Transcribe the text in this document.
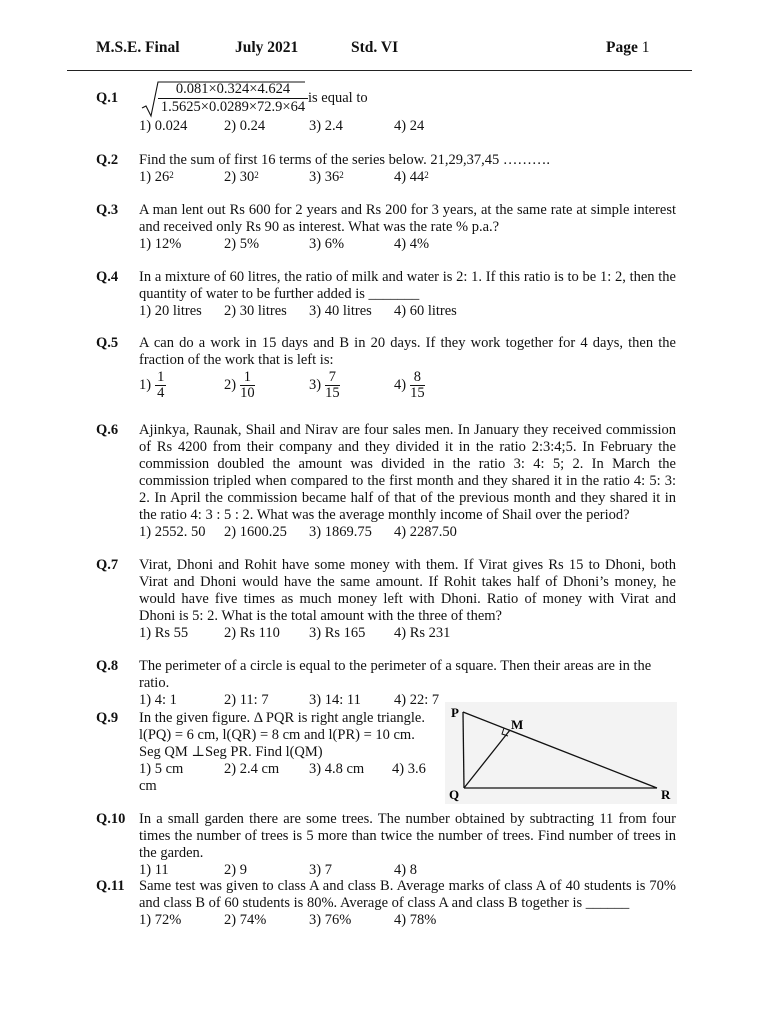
M.S.E. Final	July 2021	Std. VI	Page 1
Q.1	$\frac{0.081\times 0.324\times 4.624}{1.5625\times 0.0289\times 72.9\times 64}$ is equal to
1) 0.024	2) 0.24	3) 2.4	4) 24
Q.2 Find the sum of first 16 terms of the series below. 21,29,37,45 ……….
1) $26^2$	2) $30^2$	3) $36^2$	4) $44^2$
Q.3 A man lent out Rs 600 for 2 years and Rs 200 for 3 years, at the same rate at simple interest and received only Rs 90 as interest. What was the rate % p.a.?
1) 12%	2) 5%	3) 6%	4) 4%
Q.4 In a mixture of 60 litres, the ratio of milk and water is 2: 1. If this ratio is to be 1: 2, then the quantity of water to be further added is _______
1) 20 litres 2) 30 litres 3) 40 litres 4) 60 litres
Q.5 A can do a work in 15 days and B in 20 days. If they work together for 4 days, then the fraction of the work that is left is:
$1) \frac{1}{4}$	$2) \frac{1}{10}$	$3) \frac{7}{15}$	$4) \frac{8}{15}$
Q.6 Ajinkya, Raunak, Shail and Nirav are four sales men. In January they received commission of Rs 4200 from their company and they divided it in the ratio 2:3:4;5. In February the commission doubled the amount was divided in the ratio 3: 4: 5; 2. In March the commission tripled when compared to the first month and they shared it in the ratio 4: 5: 3: 2. In April the commission became half of that of the previous month and they shared it in the ratio 4: 3 : 5 : 2. What was the average monthly income of Shail over the period?
1) 2552. 50 2) 1600.25 3) 1869.75 4) 2287.50
Q.7 Virat, Dhoni and Rohit have some money with them. If Virat gives Rs 15 to Dhoni, both Virat and Dhoni would have the same amount. If Rohit takes half of Dhoni’s money, he would have five times as much money left with Dhoni. Ratio of money with Virat and Dhoni is 5: 2. What is the total amount with the three of them?
1) Rs 55 2) Rs 110 3) Rs 165 4) Rs 231
Q.8 The perimeter of a circle is equal to the perimeter of a square. Then their areas are in the ratio.
1) 4: 1	2) 11: 7	3) 14: 11 4) 22: 7
Q.9 In the given figure. Δ PQR is right angle triangle.
l(PQ) = 6 cm, l(QR) = 8 cm and l(PR) = 10 cm.
Seg QM ⊥Seg PR. Find l(QM)
1) 5 cm	2) 2.4 cm 3) 4.8 cm 4) 3.6
cm
P
M
Q	R
Q.10 In a small garden there are some trees. The number obtained by subtracting 11 from four times the number of trees is 5 more than twice the number of trees. Find number of trees in the garden.
1) 11	2) 9	3) 7	4) 8
Q.11 Same test was given to class A and class B. Average marks of class A of 40 students is 70% and class B of 60 students is 80%. Average of class A and class B together is ______
1) 72%	2) 74%	3) 76%	4) 78%
